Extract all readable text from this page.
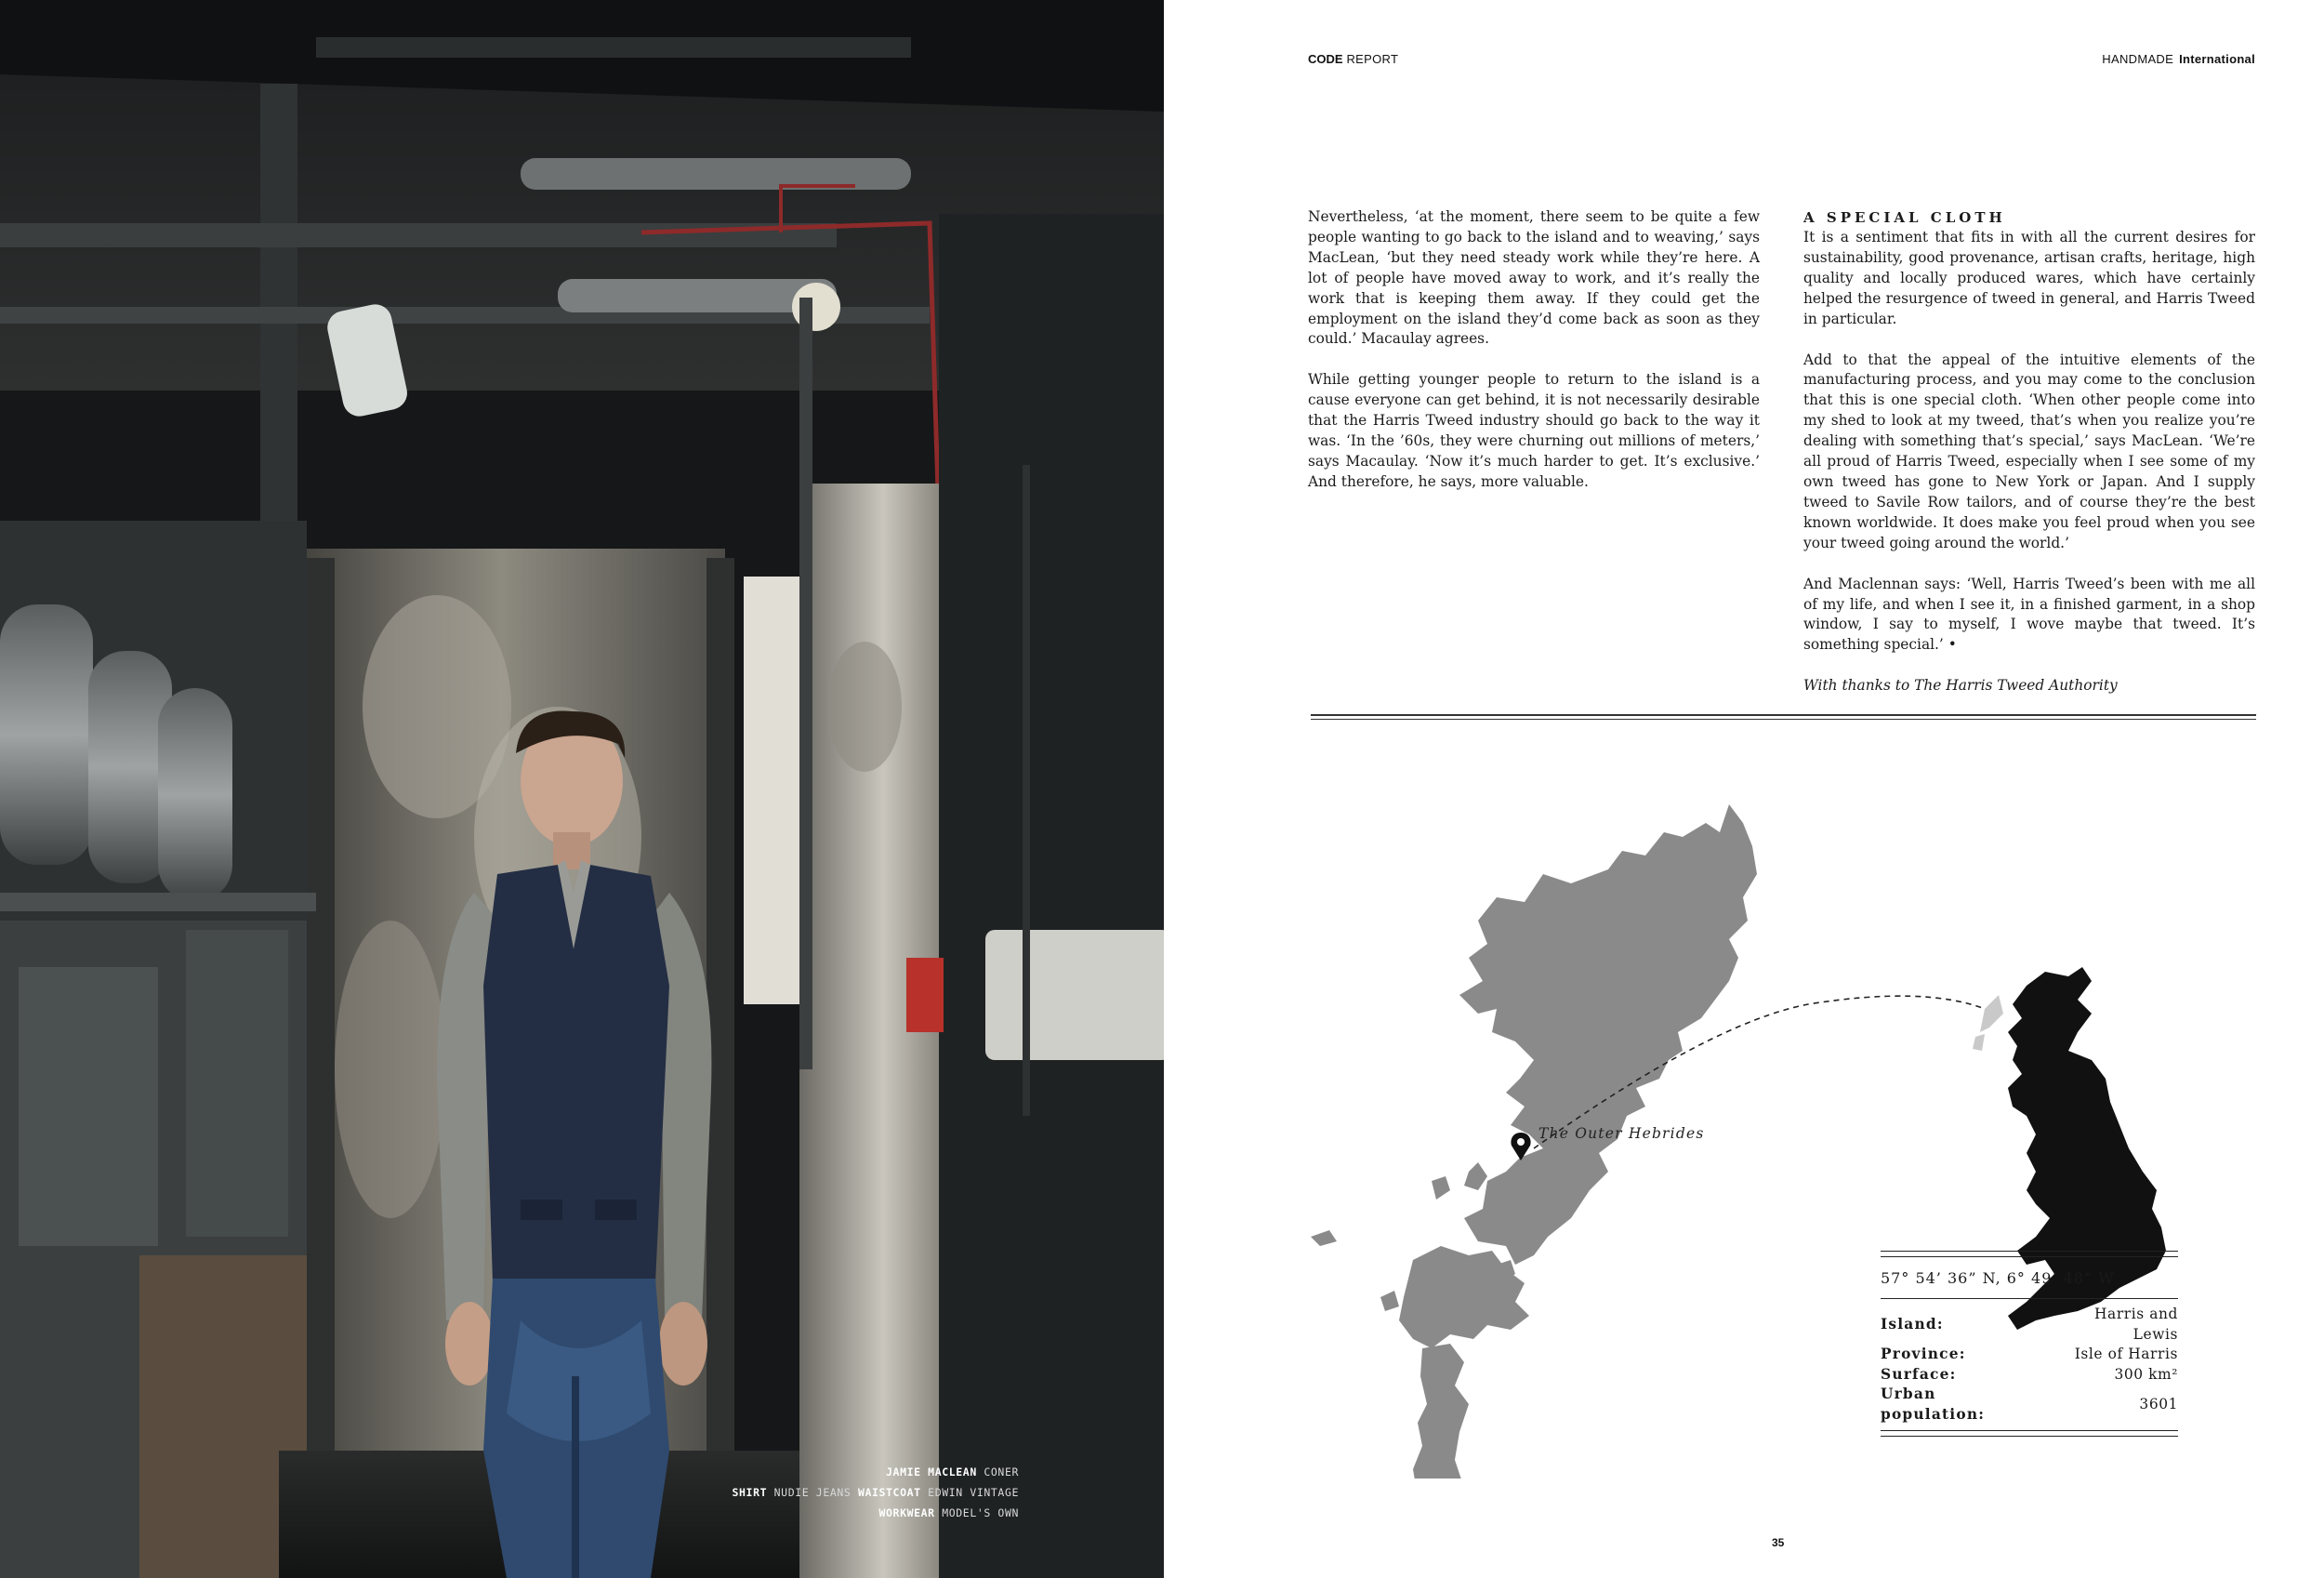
JAMIE MACLEAN CONER
SHIRT NUDIE JEANS WAISTCOAT EDWIN VINTAGE
WORKWEAR MODEL'S OWN
CODE REPORT	HANDMADE International

Nevertheless, ‘at the moment, there seem to be quite a few people wanting to go back to the island and to weaving,’ says MacLean, ‘but they need steady work while they’re here. A lot of people have moved away to work, and it’s really the work that is keeping them away. If they could get the employment on the island they’d come back as soon as they could.’ Macaulay agrees.

While getting younger people to return to the island is a cause everyone can get behind, it is not necessarily desirable that the Harris Tweed industry should go back to the way it was. ‘In the ’60s, they were churning out millions of meters,’ says Macaulay. ‘Now it’s much harder to get. It’s exclusive.’ And therefore, he says, more valuable.

A SPECIAL CLOTH

It is a sentiment that fits in with all the current desires for sustainability, good provenance, artisan crafts, heritage, high quality and locally produced wares, which have certainly helped the resurgence of tweed in general, and Harris Tweed in particular.

Add to that the appeal of the intuitive elements of the manufacturing process, and you may come to the conclusion that this is one special cloth. ‘When other people come into my shed to look at my tweed, that’s when you realize you’re dealing with something that’s special,’ says MacLean. ‘We’re all proud of Harris Tweed, especially when I see some of my own tweed has gone to New York or Japan. And I supply tweed to Savile Row tailors, and of course they’re the best known worldwide. It does make you feel proud when you see your tweed going around the world.’

And Maclennan says: ‘Well, Harris Tweed’s been with me all of my life, and when I see it, in a finished garment, in a shop window, I say to myself, I wove maybe that tweed. It’s something special.’ •

With thanks to The Harris Tweed Authority

The Outer Hebrides
57° 54’ 36” N, 6° 49’ 48” W
Island:	Harris and Lewis
Province:	Isle of Harris
Surface:	300 km²
Urban population:	3601
35
